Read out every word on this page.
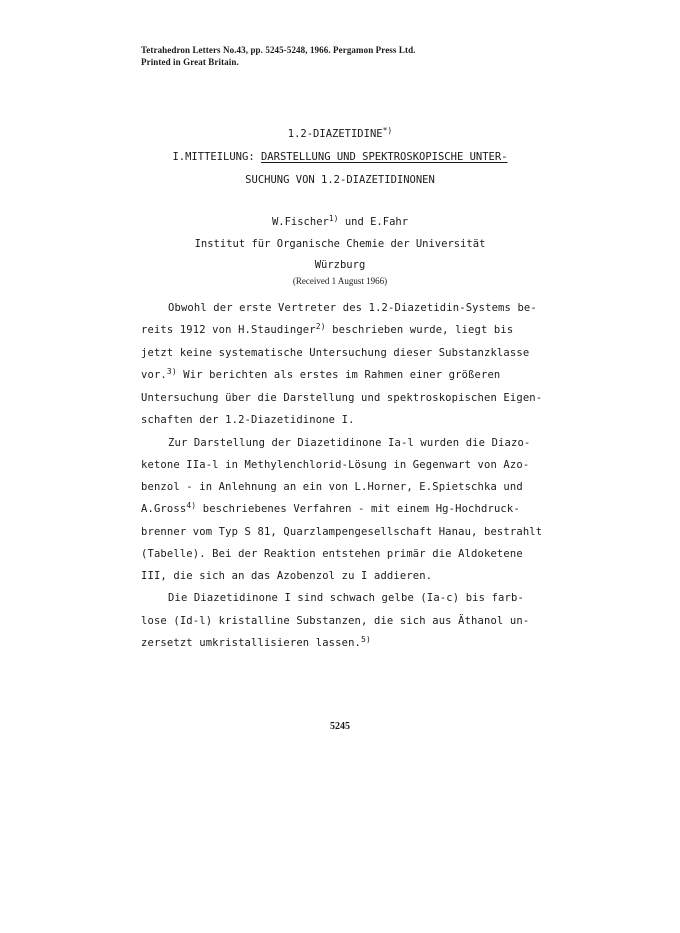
Tetrahedron Letters No.43, pp. 5245-5248, 1966. Pergamon Press Ltd.
Printed in Great Britain.
1.2-DIAZETIDINE*)
I.MITTEILUNG: DARSTELLUNG UND SPEKTROSKOPISCHE UNTER-
SUCHUNG VON 1.2-DIAZETIDINONEN
W.Fischer$^{1)}$ und E.Fahr
Institut für Organische Chemie der Universität
Würzburg
(Received 1 August 1966)
Obwohl der erste Vertreter des 1.2-Diazetidin-Systems be-
reits 1912 von H.Staudinger$^{2)}$ beschrieben wurde, liegt bis
jetzt keine systematische Untersuchung dieser Substanzklasse
vor.$^{3)}$ Wir berichten als erstes im Rahmen einer größeren
Untersuchung über die Darstellung und spektroskopischen Eigen-
schaften der 1.2-Diazetidinone I.
Zur Darstellung der Diazetidinone Ia-l wurden die Diazo-
ketone IIa-l in Methylenchlorid-Lösung in Gegenwart von Azo-
benzol - in Anlehnung an ein von L.Horner, E.Spietschka und
A.Gross$^{4)}$ beschriebenes Verfahren - mit einem Hg-Hochdruck-
brenner vom Typ S 81, Quarzlampengesellschaft Hanau, bestrahlt
(Tabelle). Bei der Reaktion entstehen primär die Aldoketene
III, die sich an das Azobenzol zu I addieren.
Die Diazetidinone I sind schwach gelbe (Ia-c) bis farb-
lose (Id-l) kristalline Substanzen, die sich aus Äthanol un-
zersetzt umkristallisieren lassen.$^{5)}$
5245
